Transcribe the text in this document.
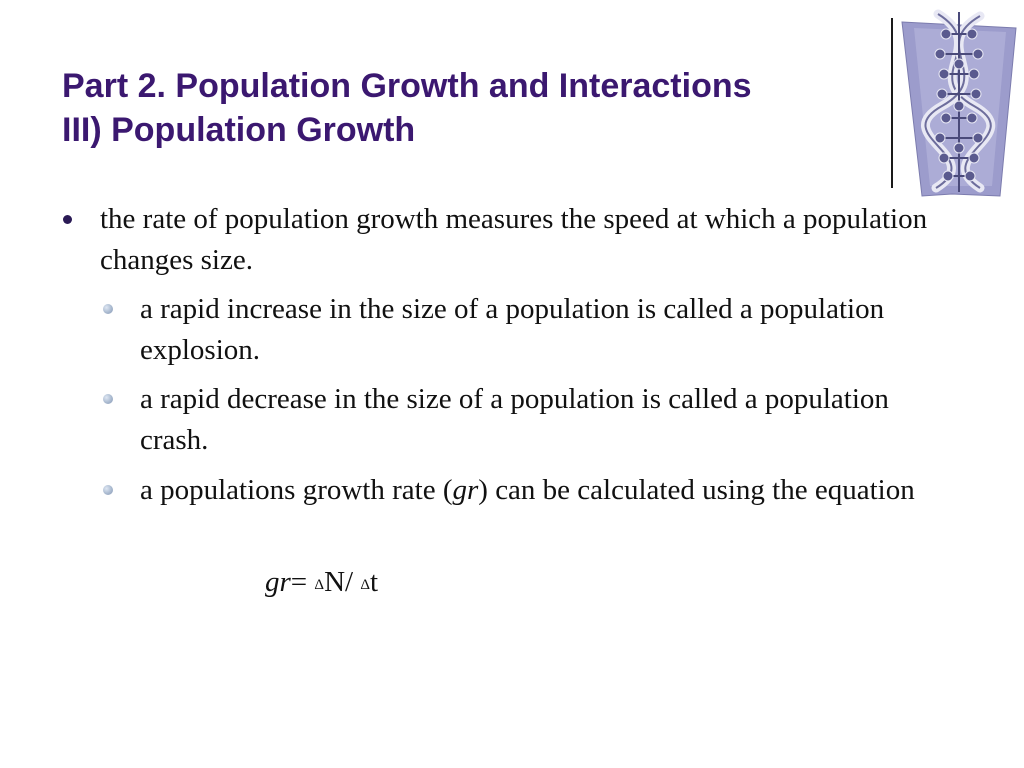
Part 2. Population Growth and Interactions
III) Population Growth
the rate of population growth measures the speed at which a population changes size.
a rapid increase in the size of a population is called a population explosion.
a rapid decrease in the size of a population is called a population crash.
a populations growth rate (gr) can be calculated using the equation
gr= ΔN/ Δt
